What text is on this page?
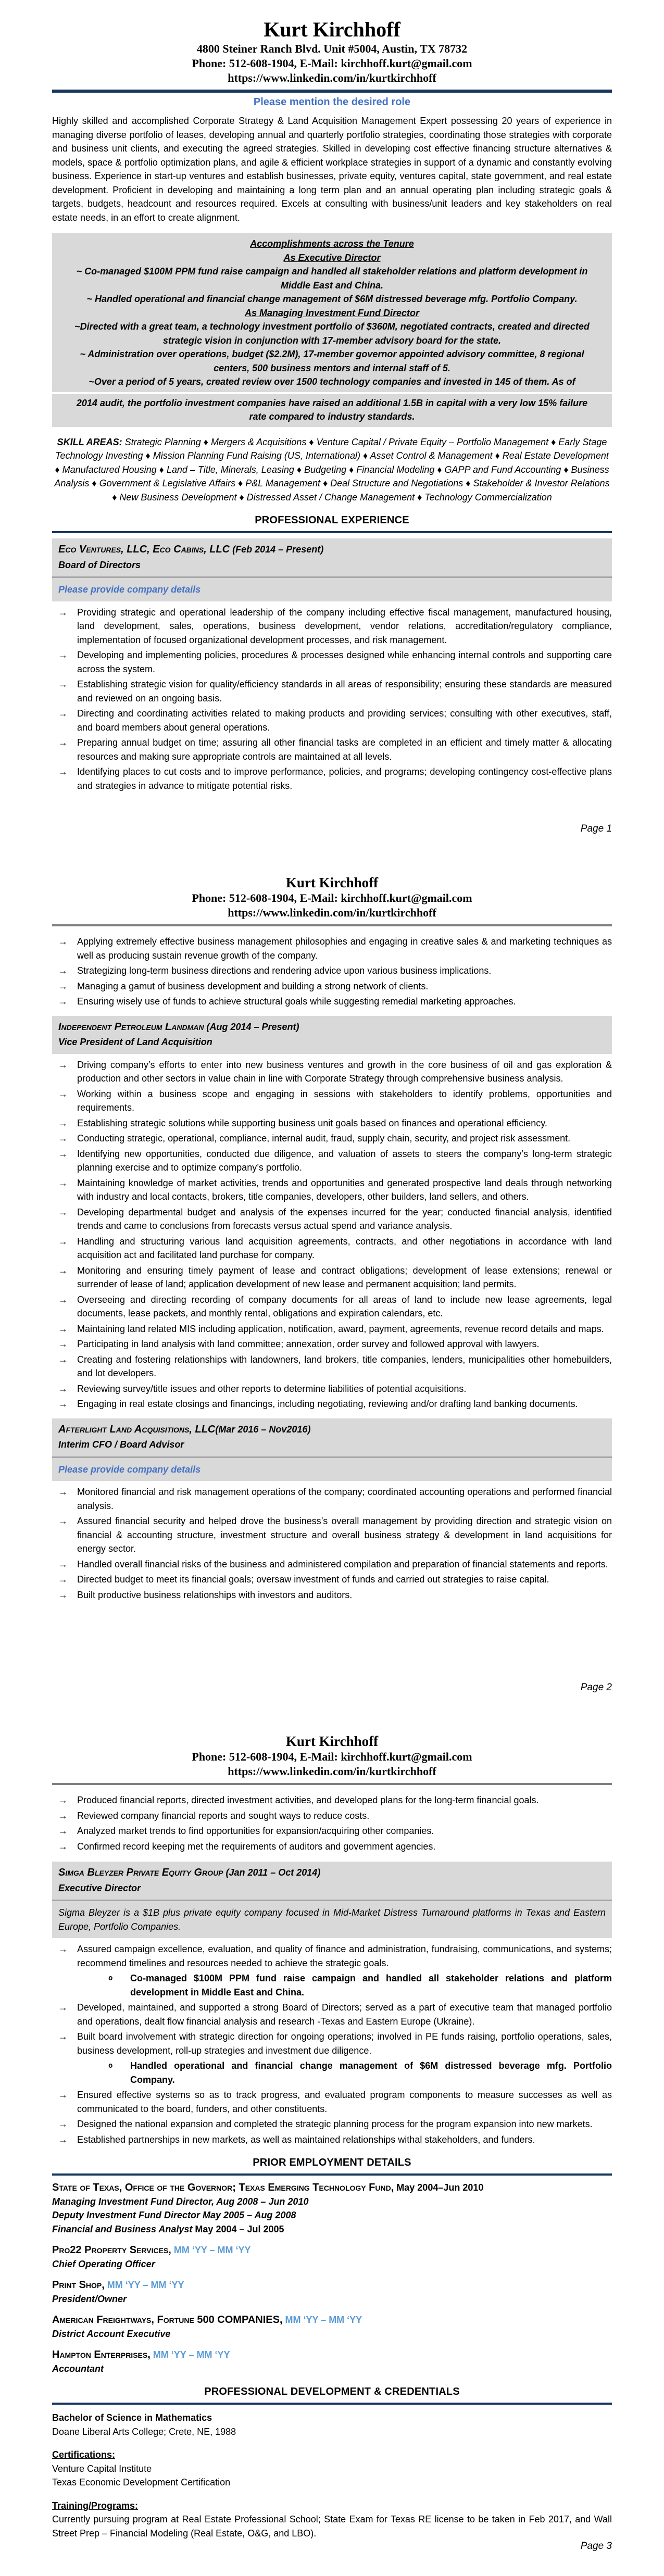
Kurt Kirchhoff
4800 Steiner Ranch Blvd. Unit #5004, Austin, TX 78732
Phone: 512-608-1904, E-Mail: kirchhoff.kurt@gmail.com
https://www.linkedin.com/in/kurtkirchhoff
Please mention the desired role

Highly skilled and accomplished Corporate Strategy & Land Acquisition Management Expert possessing 20 years of experience in managing diverse portfolio of leases, developing annual and quarterly portfolio strategies, coordinating those strategies with corporate and business unit clients, and executing the agreed strategies. Skilled in developing cost effective financing structure alternatives & models, space & portfolio optimization plans, and agile & efficient workplace strategies in support of a dynamic and constantly evolving business. Experience in start-up ventures and establish businesses, private equity, ventures capital, state government, and real estate development. Proficient in developing and maintaining a long term plan and an annual operating plan including strategic goals & targets, budgets, headcount and resources required. Excels at consulting with business/unit leaders and key stakeholders on real estate needs, in an effort to create alignment.

Accomplishments across the Tenure
As Executive Director
~ Co-managed $100M PPM fund raise campaign and handled all stakeholder relations and platform development in Middle East and China.
~ Handled operational and financial change management of $6M distressed beverage mfg. Portfolio Company.
As Managing Investment Fund Director
~Directed with a great team, a technology investment portfolio of $360M, negotiated contracts, created and directed strategic vision in conjunction with 17-member advisory board for the state.
~ Administration over operations, budget ($2.2M), 17-member governor appointed advisory committee, 8 regional centers, 500 business mentors and internal staff of 5.
~Over a period of 5 years, created review over 1500 technology companies and invested in 145 of them. As of
2014 audit, the portfolio investment companies have raised an additional 1.5B in capital with a very low 15% failure rate compared to industry standards.

SKILL AREAS: Strategic Planning ♦ Mergers & Acquisitions ♦ Venture Capital / Private Equity – Portfolio Management ♦ Early Stage Technology Investing ♦ Mission Planning Fund Raising (US, International) ♦ Asset Control & Management ♦ Real Estate Development ♦ Manufactured Housing ♦ Land – Title, Minerals, Leasing ♦ Budgeting ♦ Financial Modeling ♦ GAPP and Fund Accounting ♦ Business Analysis ♦ Government & Legislative Affairs ♦ P&L Management ♦ Deal Structure and Negotiations ♦ Stakeholder & Investor Relations ♦ New Business Development ♦ Distressed Asset / Change Management ♦ Technology Commercialization

PROFESSIONAL EXPERIENCE
Eco Ventures, LLC, Eco Cabins, LLC (Feb 2014 – Present)
Board of Directors
Please provide company details
→	Providing strategic and operational leadership of the company including effective fiscal management, manufactured housing, land development, sales, operations, business development, vendor relations, accreditation/regulatory compliance, implementation of focused organizational development processes, and risk management.
→	Developing and implementing policies, procedures & processes designed while enhancing internal controls and supporting care across the system.
→	Establishing strategic vision for quality/efficiency standards in all areas of responsibility; ensuring these standards are measured and reviewed on an ongoing basis.
→	Directing and coordinating activities related to making products and providing services; consulting with other executives, staff, and board members about general operations.
→	Preparing annual budget on time; assuring all other financial tasks are completed in an efficient and timely matter & allocating resources and making sure appropriate controls are maintained at all levels.
→	Identifying places to cut costs and to improve performance, policies, and programs; developing contingency cost-effective plans and strategies in advance to mitigate potential risks.
Page 1
Kurt Kirchhoff
Phone: 512-608-1904, E-Mail: kirchhoff.kurt@gmail.com
https://www.linkedin.com/in/kurtkirchhoff
→	Applying extremely effective business management philosophies and engaging in creative sales & and marketing techniques as well as producing sustain revenue growth of the company.
→	Strategizing long-term business directions and rendering advice upon various business implications.
→	Managing a gamut of business development and building a strong network of clients.
→	Ensuring wisely use of funds to achieve structural goals while suggesting remedial marketing approaches.
Independent Petroleum Landman (Aug 2014 – Present)
Vice President of Land Acquisition
→	Driving company’s efforts to enter into new business ventures and growth in the core business of oil and gas exploration & production and other sectors in value chain in line with Corporate Strategy through comprehensive business analysis.
→	Working within a business scope and engaging in sessions with stakeholders to identify problems, opportunities and requirements.
→	Establishing strategic solutions while supporting business unit goals based on finances and operational efficiency.
→	Conducting strategic, operational, compliance, internal audit, fraud, supply chain, security, and project risk assessment.
→	Identifying new opportunities, conducted due diligence, and valuation of assets to steers the company’s long-term strategic planning exercise and to optimize company’s portfolio.
→	Maintaining knowledge of market activities, trends and opportunities and generated prospective land deals through networking with industry and local contacts, brokers, title companies, developers, other builders, land sellers, and others.
→	Developing departmental budget and analysis of the expenses incurred for the year; conducted financial analysis, identified trends and came to conclusions from forecasts versus actual spend and variance analysis.
→	Handling and structuring various land acquisition agreements, contracts, and other negotiations in accordance with land acquisition act and facilitated land purchase for company.
→	Monitoring and ensuring timely payment of lease and contract obligations; development of lease extensions; renewal or surrender of lease of land; application development of new lease and permanent acquisition; land permits.
→	Overseeing and directing recording of company documents for all areas of land to include new lease agreements, legal documents, lease packets, and monthly rental, obligations and expiration calendars, etc.
→	Maintaining land related MIS including application, notification, award, payment, agreements, revenue record details and maps.
→	Participating in land analysis with land committee; annexation, order survey and followed approval with lawyers.
→	Creating and fostering relationships with landowners, land brokers, title companies, lenders, municipalities other homebuilders, and lot developers.
→	Reviewing survey/title issues and other reports to determine liabilities of potential acquisitions.
→	Engaging in real estate closings and financings, including negotiating, reviewing and/or drafting land banking documents.
Afterlight Land Acquisitions, LLC(Mar 2016 – Nov2016)
Interim CFO / Board Advisor
Please provide company details
→	Monitored financial and risk management operations of the company; coordinated accounting operations and performed financial analysis.
→	Assured financial security and helped drove the business’s overall management by providing direction and strategic vision on financial & accounting structure, investment structure and overall business strategy & development in land acquisitions for energy sector.
→	Handled overall financial risks of the business and administered compilation and preparation of financial statements and reports.
→	Directed budget to meet its financial goals; oversaw investment of funds and carried out strategies to raise capital.
→	Built productive business relationships with investors and auditors.
Page 2
Kurt Kirchhoff
Phone: 512-608-1904, E-Mail: kirchhoff.kurt@gmail.com
https://www.linkedin.com/in/kurtkirchhoff
→	Produced financial reports, directed investment activities, and developed plans for the long-term financial goals.
→	Reviewed company financial reports and sought ways to reduce costs.
→	Analyzed market trends to find opportunities for expansion/acquiring other companies.
→	Confirmed record keeping met the requirements of auditors and government agencies.
Simga Bleyzer Private Equity Group (Jan 2011 – Oct 2014)
Executive Director
Sigma Bleyzer is a $1B plus private equity company focused in Mid-Market Distress Turnaround platforms in Texas and Eastern Europe, Portfolio Companies.
→	Assured campaign excellence, evaluation, and quality of finance and administration, fundraising, communications, and systems; recommend timelines and resources needed to achieve the strategic goals.
o	Co-managed $100M PPM fund raise campaign and handled all stakeholder relations and platform development in Middle East and China.
→	Developed, maintained, and supported a strong Board of Directors; served as a part of executive team that managed portfolio and operations, dealt flow financial analysis and research -Texas and Eastern Europe (Ukraine).
→	Built board involvement with strategic direction for ongoing operations; involved in PE funds raising, portfolio operations, sales, business development, roll-up strategies and investment due diligence.
o	Handled operational and financial change management of $6M distressed beverage mfg. Portfolio Company.
→	Ensured effective systems so as to track progress, and evaluated program components to measure successes as well as communicated to the board, funders, and other constituents.
→	Designed the national expansion and completed the strategic planning process for the program expansion into new markets.
→	Established partnerships in new markets, as well as maintained relationships withal stakeholders, and funders.
PRIOR EMPLOYMENT DETAILS
State of Texas, Office of the Governor; Texas Emerging Technology Fund, May 2004–Jun 2010
Managing Investment Fund Director, Aug 2008 – Jun 2010
Deputy Investment Fund Director May 2005 – Aug 2008
Financial and Business Analyst May 2004 – Jul 2005
Pro22 Property Services, MM ‘YY – MM ‘YY
Chief Operating Officer
Print Shop, MM ‘YY – MM ‘YY
President/Owner
American Freightways, Fortune 500 COMPANIES, MM ‘YY – MM ‘YY
District Account Executive
Hampton Enterprises, MM ‘YY – MM ‘YY
Accountant
PROFESSIONAL DEVELOPMENT & CREDENTIALS
Bachelor of Science in Mathematics
Doane Liberal Arts College; Crete, NE, 1988
Certifications:
Venture Capital Institute
Texas Economic Development Certification
Training/Programs:

Currently pursuing program at Real Estate Professional School; State Exam for Texas RE license to be taken in Feb 2017, and Wall Street Prep – Financial Modeling (Real Estate, O&G, and LBO).

Page 3
